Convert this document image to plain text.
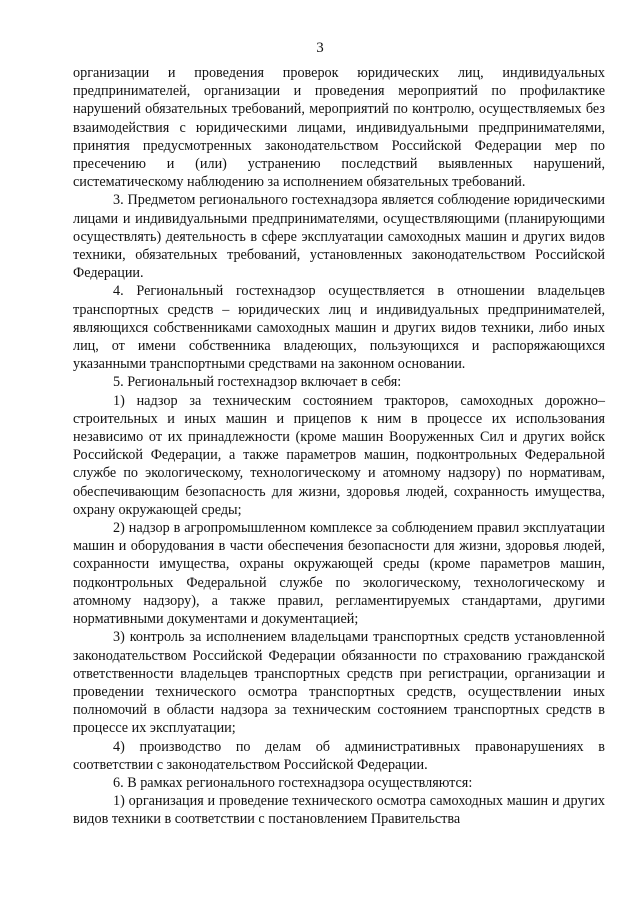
3

организации и проведения проверок юридических лиц, индивидуальных предпринимателей, организации и проведения мероприятий по профилактике нарушений обязательных требований, мероприятий по контролю, осуществляемых без взаимодействия с юридическими лицами, индивидуальными предпринимателями, принятия предусмотренных законодательством Российской Федерации мер по пресечению и (или) устранению последствий выявленных нарушений, систематическому наблюдению за исполнением обязательных требований.

3. Предметом регионального гостехнадзора является соблюдение юридическими лицами и индивидуальными предпринимателями, осуществляющими (планирующими осуществлять) деятельность в сфере эксплуатации самоходных машин и других видов техники, обязательных требований, установленных законодательством Российской Федерации.

4. Региональный гостехнадзор осуществляется в отношении владельцев транспортных средств – юридических лиц и индивидуальных предпринимателей, являющихся собственниками самоходных машин и других видов техники, либо иных лиц, от имени собственника владеющих, пользующихся и распоряжающихся указанными транспортными средствами на законном основании.

5. Региональный гостехнадзор включает в себя:

1) надзор за техническим состоянием тракторов, самоходных дорожно–строительных и иных машин и прицепов к ним в процессе их использования независимо от их принадлежности (кроме машин Вооруженных Сил и других войск Российской Федерации, а также параметров машин, подконтрольных Федеральной службе по экологическому, технологическому и атомному надзору) по нормативам, обеспечивающим безопасность для жизни, здоровья людей, сохранность имущества, охрану окружающей среды;

2) надзор в агропромышленном комплексе за соблюдением правил эксплуатации машин и оборудования в части обеспечения безопасности для жизни, здоровья людей, сохранности имущества, охраны окружающей среды (кроме параметров машин, подконтрольных Федеральной службе по экологическому, технологическому и атомному надзору), а также правил, регламентируемых стандартами, другими нормативными документами и документацией;

3) контроль за исполнением владельцами транспортных средств установленной законодательством Российской Федерации обязанности по страхованию гражданской ответственности владельцев транспортных средств при регистрации, организации и проведении технического осмотра транспортных средств, осуществлении иных полномочий в области надзора за техническим состоянием транспортных средств в процессе их эксплуатации;

4) производство по делам об административных правонарушениях в соответствии с законодательством Российской Федерации.

6. В рамках регионального гостехнадзора осуществляются:

1) организация и проведение технического осмотра самоходных машин и других видов техники в соответствии с постановлением Правительства
